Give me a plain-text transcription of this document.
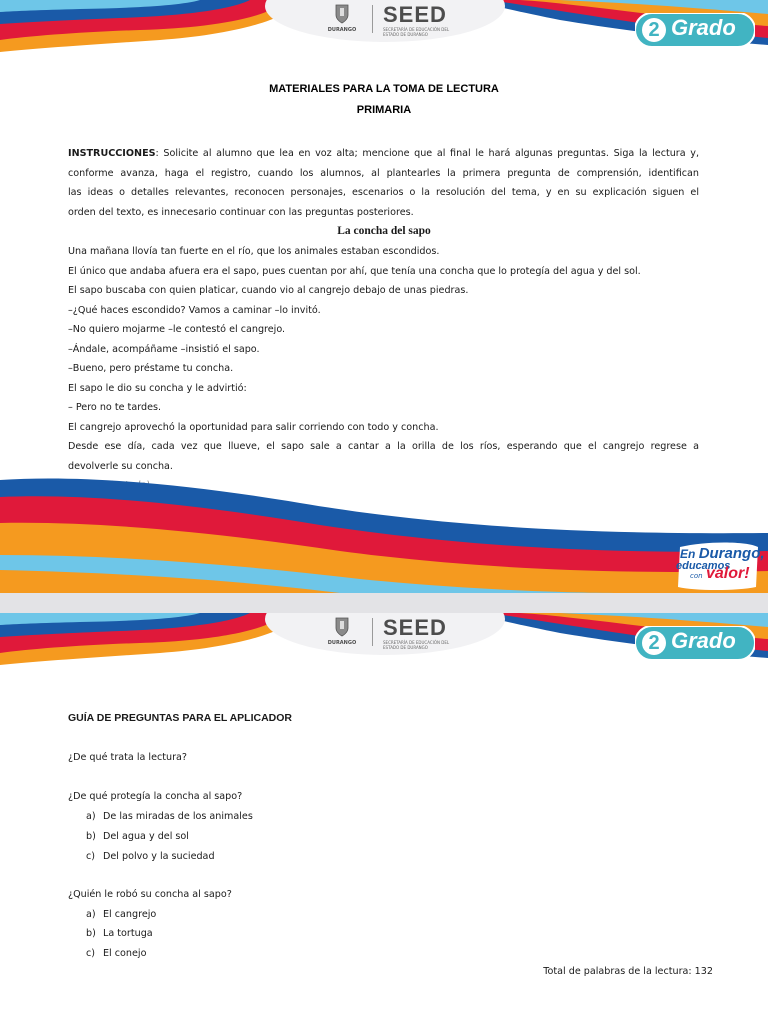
DURANGO
SEED
SECRETARÍA DE EDUCACIÓN DEL ESTADO DE DURANGO	2 Grado
MATERIALES PARA LA TOMA DE LECTURA
PRIMARIA
INSTRUCCIONES: Solicite al alumno que lea en voz alta; mencione que al final le hará algunas preguntas. Siga la lectura y,
conforme avanza, haga el registro, cuando los alumnos, al plantearles la primera pregunta de comprensión, identifican
las ideas o detalles relevantes, reconocen personajes, escenarios o la resolución del tema, y en su explicación siguen el
orden del texto, es innecesario continuar con las preguntas posteriores.
La concha del sapo
Una mañana llovía tan fuerte en el río, que los animales estaban escondidos.
El único que andaba afuera era el sapo, pues cuentan por ahí, que tenía una concha que lo protegía del agua y del sol.
El sapo buscaba con quien platicar, cuando vio al cangrejo debajo de unas piedras.
–¿Qué haces escondido? Vamos a caminar –lo invitó.
–No quiero mojarme –le contestó el cangrejo.
–Ándale, acompáñame –insistió el sapo.
–Bueno, pero préstame tu concha.
El sapo le dio su concha y le advirtió:
– Pero no te tardes.
El cangrejo aprovechó la oportunidad para salir corriendo con todo y concha.
Desde ese día, cada vez que llueve, el sapo sale a cantar a la orilla de los ríos, esperando que el cangrejo regrese a
devolverle su concha.
En Durango,
educamos
con valor!
DURANGO
SEED
SECRETARÍA DE EDUCACIÓN DEL ESTADO DE DURANGO	2 Grado
GUÍA DE PREGUNTAS PARA EL APLICADOR
¿De qué trata la lectura?
¿De qué protegía la concha al sapo?
a) De las miradas de los animales
b) Del agua y del sol
c) Del polvo y la suciedad
¿Quién le robó su concha al sapo?
a) El cangrejo
b) La tortuga
c) El conejo
Total de palabras de la lectura: 132
